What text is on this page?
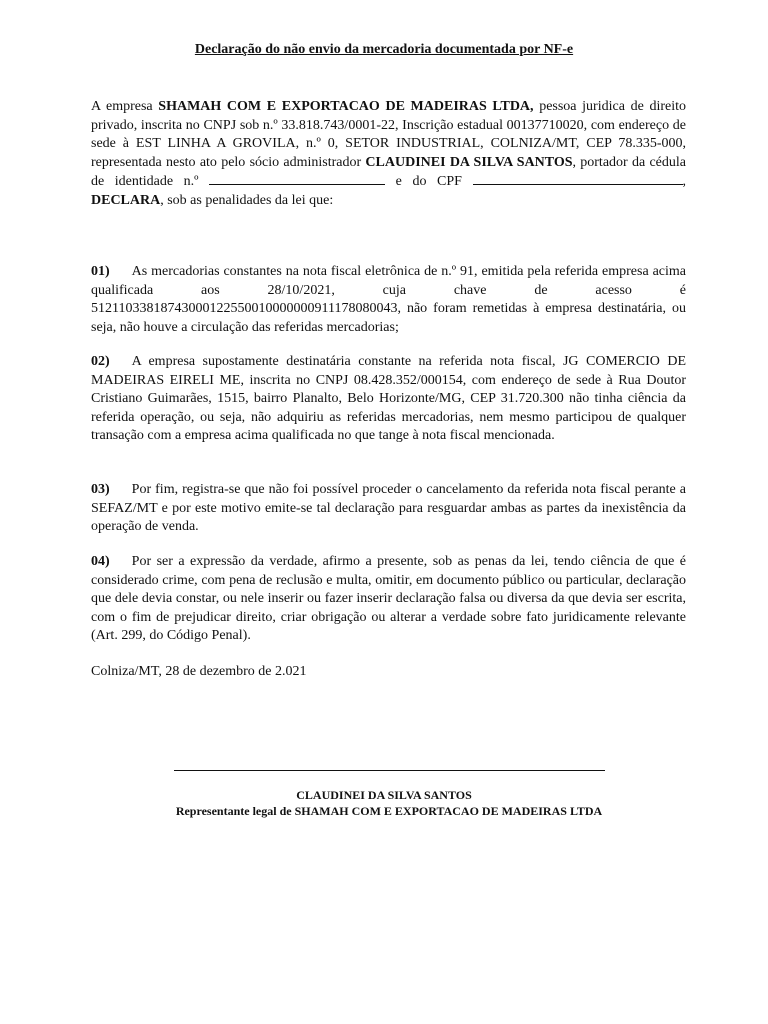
Declaração do não envio da mercadoria documentada por NF-e
A empresa SHAMAH COM E EXPORTACAO DE MADEIRAS LTDA, pessoa juridica de direito privado, inscrita no CNPJ sob n.º 33.818.743/0001-22, Inscrição estadual 00137710020, com endereço de sede à EST LINHA A GROVILA, n.º 0, SETOR INDUSTRIAL, COLNIZA/MT, CEP 78.335-000, representada nesto ato pelo sócio administrador CLAUDINEI DA SILVA SANTOS, portador da cédula de identidade n.º	e do CPF	, DECLARA, sob as penalidades da lei que:
01) As mercadorias constantes na nota fiscal eletrônica de n.º 91, emitida pela referida empresa acima qualificada aos 28/10/2021, cuja chave de acesso é 51211033818743000122550010000000911178080043, não foram remetidas à empresa destinatária, ou seja, não houve a circulação das referidas mercadorias;
02) A empresa supostamente destinatária constante na referida nota fiscal, JG COMERCIO DE MADEIRAS EIRELI ME, inscrita no CNPJ 08.428.352/000154, com endereço de sede à Rua Doutor Cristiano Guimarães, 1515, bairro Planalto, Belo Horizonte/MG, CEP 31.720.300 não tinha ciência da referida operação, ou seja, não adquiriu as referidas mercadorias, nem mesmo participou de qualquer transação com a empresa acima qualificada no que tange à nota fiscal mencionada.
03) Por fim, registra-se que não foi possível proceder o cancelamento da referida nota fiscal perante a SEFAZ/MT e por este motivo emite-se tal declaração para resguardar ambas as partes da inexistência da operação de venda.
04) Por ser a expressão da verdade, afirmo a presente, sob as penas da lei, tendo ciência de que é considerado crime, com pena de reclusão e multa, omitir, em documento público ou particular, declaração que dele devia constar, ou nele inserir ou fazer inserir declaração falsa ou diversa da que devia ser escrita, com o fim de prejudicar direito, criar obrigação ou alterar a verdade sobre fato juridicamente relevante (Art. 299, do Código Penal).
Colniza/MT, 28 de dezembro de 2.021
CLAUDINEI DA SILVA SANTOS
Representante legal de SHAMAH COM E EXPORTACAO DE MADEIRAS LTDA
